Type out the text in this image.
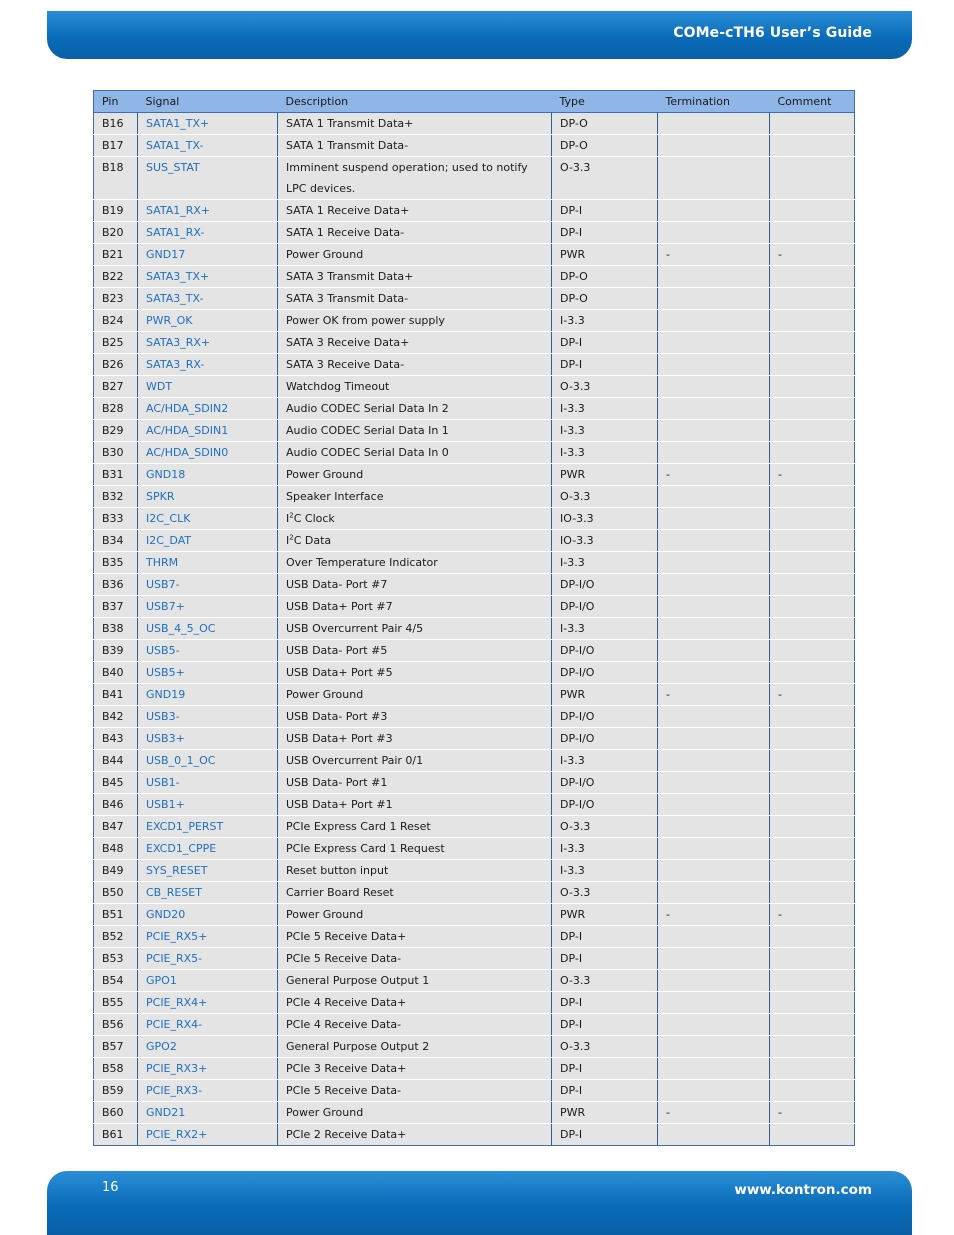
COMe-cTH6 User’s Guide
Pin	Signal	Description	Type	Termination	Comment
B16	SATA1_TX+	SATA 1 Transmit Data+	DP-O		
B17	SATA1_TX-	SATA 1 Transmit Data-	DP-O		
B18	SUS_STAT	Imminent suspend operation; used to notify LPC devices.	O-3.3		
B19	SATA1_RX+	SATA 1 Receive Data+	DP-I		
B20	SATA1_RX-	SATA 1 Receive Data-	DP-I		
B21	GND17	Power Ground	PWR	-	-
B22	SATA3_TX+	SATA 3 Transmit Data+	DP-O		
B23	SATA3_TX-	SATA 3 Transmit Data-	DP-O		
B24	PWR_OK	Power OK from power supply	I-3.3		
B25	SATA3_RX+	SATA 3 Receive Data+	DP-I		
B26	SATA3_RX-	SATA 3 Receive Data-	DP-I		
B27	WDT	Watchdog Timeout	O-3.3		
B28	AC/HDA_SDIN2	Audio CODEC Serial Data In 2	I-3.3		
B29	AC/HDA_SDIN1	Audio CODEC Serial Data In 1	I-3.3		
B30	AC/HDA_SDIN0	Audio CODEC Serial Data In 0	I-3.3		
B31	GND18	Power Ground	PWR	-	-
B32	SPKR	Speaker Interface	O-3.3		
B33	I2C_CLK	$I^2C$ Clock	IO-3.3		
B34	I2C_DAT	$I^2C$ Data	IO-3.3		
B35	THRM	Over Temperature Indicator	I-3.3		
B36	USB7-	USB Data- Port #7	DP-I/O		
B37	USB7+	USB Data+ Port #7	DP-I/O		
B38	USB_4_5_OC	USB Overcurrent Pair 4/5	I-3.3		
B39	USB5-	USB Data- Port #5	DP-I/O		
B40	USB5+	USB Data+ Port #5	DP-I/O		
B41	GND19	Power Ground	PWR	-	-
B42	USB3-	USB Data- Port #3	DP-I/O		
B43	USB3+	USB Data+ Port #3	DP-I/O		
B44	USB_0_1_OC	USB Overcurrent Pair 0/1	I-3.3		
B45	USB1-	USB Data- Port #1	DP-I/O		
B46	USB1+	USB Data+ Port #1	DP-I/O		
B47	EXCD1_PERST	PCIe Express Card 1 Reset	O-3.3		
B48	EXCD1_CPPE	PCIe Express Card 1 Request	I-3.3		
B49	SYS_RESET	Reset button input	I-3.3		
B50	CB_RESET	Carrier Board Reset	O-3.3		
B51	GND20	Power Ground	PWR	-	-
B52	PCIE_RX5+	PCIe 5 Receive Data+	DP-I		
B53	PCIE_RX5-	PCIe 5 Receive Data-	DP-I		
B54	GPO1	General Purpose Output 1	O-3.3		
B55	PCIE_RX4+	PCIe 4 Receive Data+	DP-I		
B56	PCIE_RX4-	PCIe 4 Receive Data-	DP-I		
B57	GPO2	General Purpose Output 2	O-3.3		
B58	PCIE_RX3+	PCIe 3 Receive Data+	DP-I		
B59	PCIE_RX3-	PCIe 5 Receive Data-	DP-I		
B60	GND21	Power Ground	PWR	-	-
B61	PCIE_RX2+	PCIe 2 Receive Data+	DP-I		
16	www.kontron.com
